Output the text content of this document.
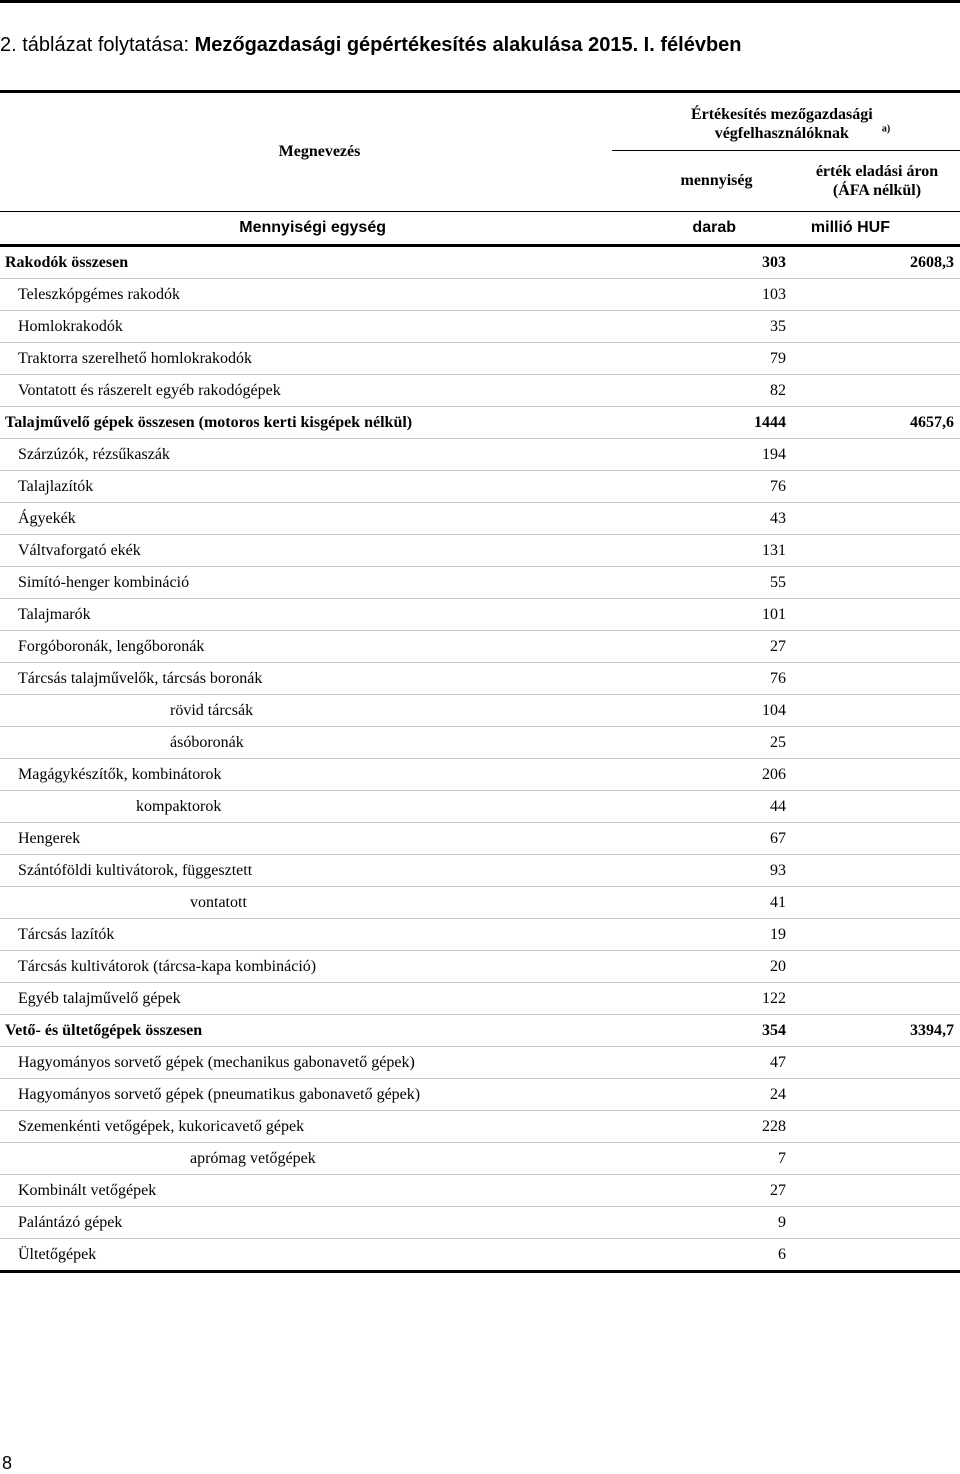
2. táblázat folytatása: Mezőgazdasági gépértékesítés alakulása 2015. I. félévben
Megnevezés	Értékesítés mezőgazdasági végfelhasználóknak $^{a)}$
	mennyiség	érték eladási áron (ÁFA nélkül)
Mennyiségi egység	darab	millió HUF
Rakodók összesen	303	2608,3
Teleszkópgémes rakodók	103	
Homlokrakodók	35	
Traktorra szerelhető homlokrakodók	79	
Vontatott és rászerelt egyéb rakodógépek	82	
Talajművelő gépek összesen (motoros kerti kisgépek nélkül)	1444	4657,6
Szárzúzók, rézsűkaszák	194	
Talajlazítók	76	
Ágyekék	43	
Váltvaforgató ekék	131	
Simító-henger kombináció	55	
Talajmarók	101	
Forgóboronák, lengőboronák	27	
Tárcsás talajművelők, tárcsás boronák	76	
rövid tárcsák	104	
ásóboronák	25	
Magágykészítők, kombinátorok	206	
kompaktorok	44	
Hengerek	67	
Szántóföldi kultivátorok, függesztett	93	
vontatott	41	
Tárcsás lazítók	19	
Tárcsás kultivátorok (tárcsa-kapa kombináció)	20	
Egyéb talajművelő gépek	122	
Vető- és ültetőgépek összesen	354	3394,7
Hagyományos sorvető gépek (mechanikus gabonavető gépek)	47	
Hagyományos sorvető gépek (pneumatikus gabonavető gépek)	24	
Szemenkénti vetőgépek, kukoricavető gépek	228	
aprómag vetőgépek	7	
Kombinált vetőgépek	27	
Palántázó gépek	9	
Ültetőgépek	6	
8
